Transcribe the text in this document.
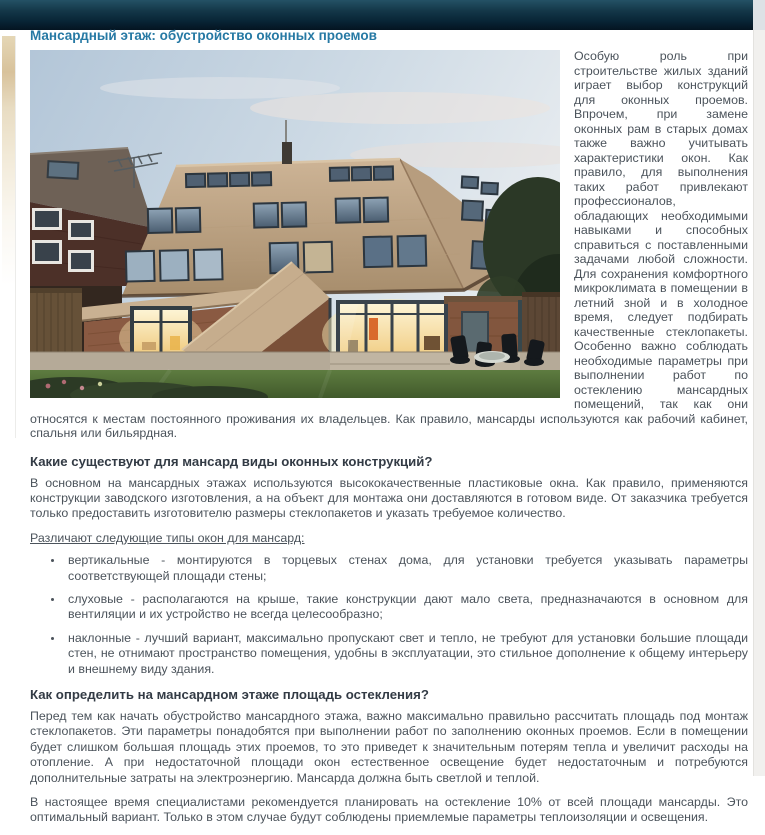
Мансардный этаж: обустройство оконных проемов

Особую роль при строительстве жилых зданий играет выбор конструкций для оконных проемов. Впрочем, при замене оконных рам в старых домах также важно учитывать характеристики окон. Как правило, для выполнения таких работ привлекают профессионалов, обладающих необходимыми навыками и способных справиться с поставленными задачами любой сложности. Для сохранения комфортного микроклимата в помещении в летний зной и в холодное время, следует подбирать качественные стеклопакеты. Особенно важно соблюдать необходимые параметры при выполнении работ по остеклению мансардных помещений, так как они относятся к местам постоянного проживания их владельцев. Как правило, мансарды используются как рабочий кабинет, спальня или бильярдная.

Какие существуют для мансард виды оконных конструкций?

В основном на мансардных этажах используются высококачественные пластиковые окна. Как правило, применяются конструкции заводского изготовления, а на объект для монтажа они доставляются в готовом виде. От заказчика требуется только предоставить изготовителю размеры стеклопакетов и указать требуемое количество.

Различают следующие типы окон для мансард:

• вертикальные - монтируются в торцевых стенах дома, для установки требуется указывать параметры соответствующей площади стены;
• слуховые - располагаются на крыше, такие конструкции дают мало света, предназначаются в основном для вентиляции и их устройство не всегда целесообразно;
• наклонные - лучший вариант, максимально пропускают свет и тепло, не требуют для установки большие площади стен, не отнимают пространство помещения, удобны в эксплуатации, это стильное дополнение к общему интерьеру и внешнему виду здания.
Как определить на мансардном этаже площадь остекления?

Перед тем как начать обустройство мансардного этажа, важно максимально правильно рассчитать площадь под монтаж стеклопакетов. Эти параметры понадобятся при выполнении работ по заполнению оконных проемов. Если в помещении будет слишком большая площадь этих проемов, то это приведет к значительным потерям тепла и увеличит расходы на отопление. А при недостаточной площади окон естественное освещение будет недостаточным и потребуются дополнительные затраты на электроэнергию. Мансарда должна быть светлой и теплой.

В настоящее время специалистами рекомендуется планировать на остекление 10% от всей площади мансарды. Это оптимальный вариант. Только в этом случае будут соблюдены приемлемые параметры теплоизоляции и освещения.
